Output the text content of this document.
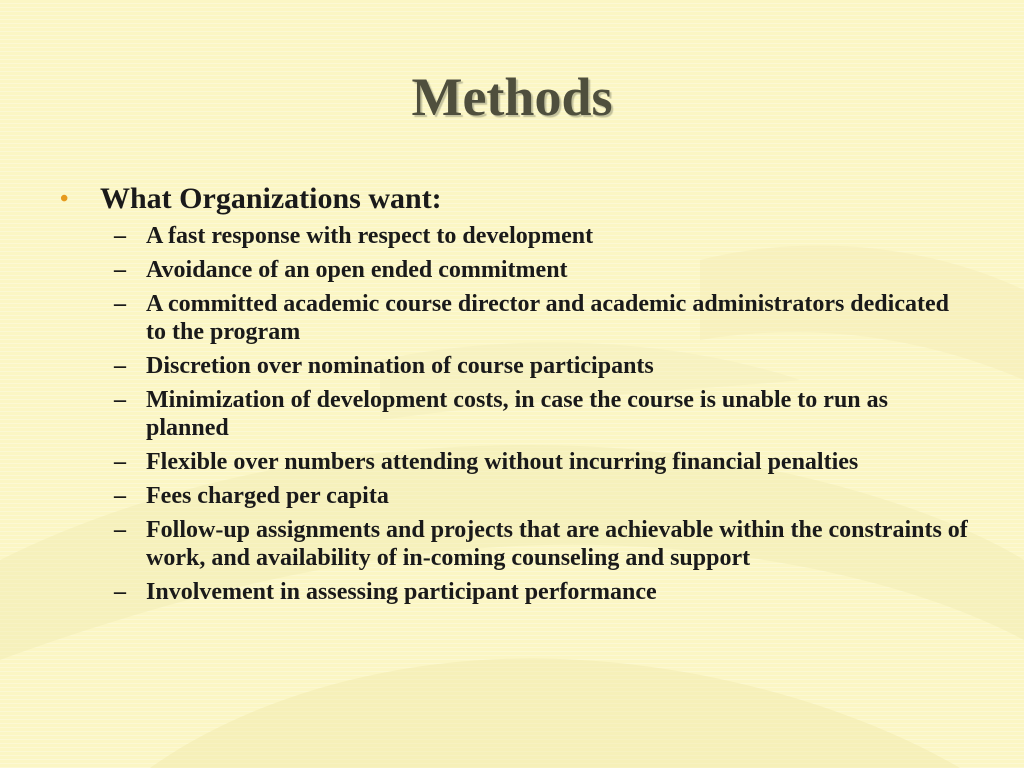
Methods
• What Organizations want:
– A fast response with respect to development
– Avoidance of an open ended commitment
– A committed academic course director and academic administrators dedicated to the program
– Discretion over nomination of course participants
– Minimization of development costs, in case the course is unable to run as planned
– Flexible over numbers attending without incurring financial penalties
– Fees charged per capita
– Follow-up assignments and projects that are achievable within the constraints of work, and availability of in-coming counseling and support
– Involvement in assessing participant performance
